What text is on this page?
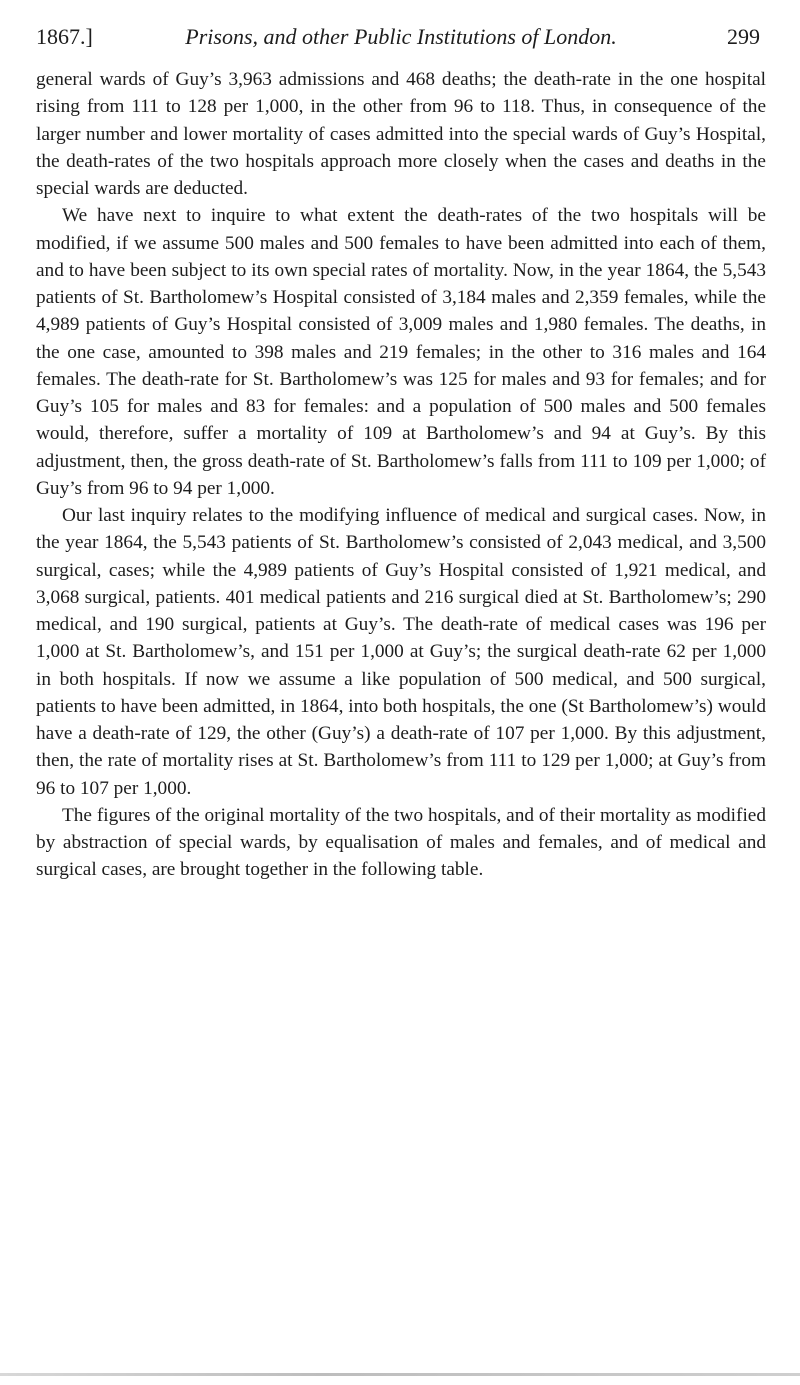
1867.]	Prisons, and other Public Institutions of London.	299

general wards of Guy’s 3,963 admissions and 468 deaths; the death-rate in the one hospital rising from 111 to 128 per 1,000, in the other from 96 to 118. Thus, in consequence of the larger number and lower mortality of cases admitted into the special wards of Guy’s Hospital, the death-rates of the two hospitals approach more closely when the cases and deaths in the special wards are deducted.

We have next to inquire to what extent the death-rates of the two hospitals will be modified, if we assume 500 males and 500 females to have been admitted into each of them, and to have been subject to its own special rates of mortality. Now, in the year 1864, the 5,543 patients of St. Bartholomew’s Hospital consisted of 3,184 males and 2,359 females, while the 4,989 patients of Guy’s Hospital consisted of 3,009 males and 1,980 females. The deaths, in the one case, amounted to 398 males and 219 females; in the other to 316 males and 164 females. The death-rate for St. Bartholomew’s was 125 for males and 93 for females; and for Guy’s 105 for males and 83 for females: and a population of 500 males and 500 females would, therefore, suffer a mortality of 109 at Bartholomew’s and 94 at Guy’s. By this adjustment, then, the gross death-rate of St. Bartholomew’s falls from 111 to 109 per 1,000; of Guy’s from 96 to 94 per 1,000.

Our last inquiry relates to the modifying influence of medical and surgical cases. Now, in the year 1864, the 5,543 patients of St. Bartholomew’s consisted of 2,043 medical, and 3,500 surgical, cases; while the 4,989 patients of Guy’s Hospital consisted of 1,921 medical, and 3,068 surgical, patients. 401 medical patients and 216 surgical died at St. Bartholomew’s; 290 medical, and 190 surgical, patients at Guy’s. The death-rate of medical cases was 196 per 1,000 at St. Bartholomew’s, and 151 per 1,000 at Guy’s; the surgical death-rate 62 per 1,000 in both hospitals. If now we assume a like population of 500 medical, and 500 surgical, patients to have been admitted, in 1864, into both hospitals, the one (St Bartholomew’s) would have a death-rate of 129, the other (Guy’s) a death-rate of 107 per 1,000. By this adjustment, then, the rate of mortality rises at St. Bartholomew’s from 111 to 129 per 1,000; at Guy’s from 96 to 107 per 1,000.

The figures of the original mortality of the two hospitals, and of their mortality as modified by abstraction of special wards, by equalisation of males and females, and of medical and surgical cases, are brought together in the following table.
